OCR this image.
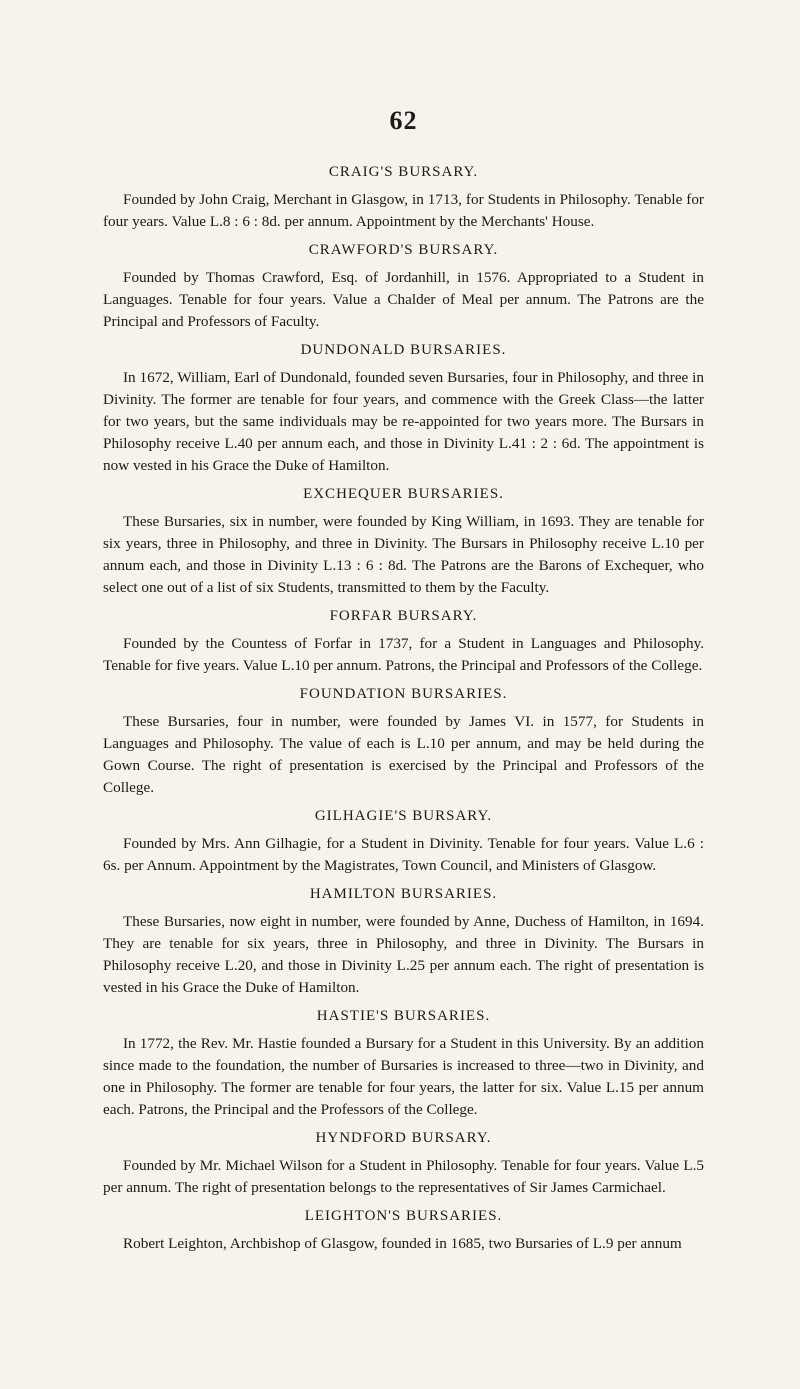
62
CRAIG'S BURSARY.

Founded by John Craig, Merchant in Glasgow, in 1713, for Students in Philosophy. Tenable for four years. Value L.8 : 6 : 8d. per annum. Appointment by the Merchants' House.

CRAWFORD'S BURSARY.

Founded by Thomas Crawford, Esq. of Jordanhill, in 1576. Appropriated to a Student in Languages. Tenable for four years. Value a Chalder of Meal per annum. The Patrons are the Principal and Professors of Faculty.

DUNDONALD BURSARIES.

In 1672, William, Earl of Dundonald, founded seven Bursaries, four in Philosophy, and three in Divinity. The former are tenable for four years, and commence with the Greek Class—the latter for two years, but the same individuals may be re-appointed for two years more. The Bursars in Philosophy receive L.40 per annum each, and those in Divinity L.41 : 2 : 6d. The appointment is now vested in his Grace the Duke of Hamilton.

EXCHEQUER BURSARIES.

These Bursaries, six in number, were founded by King William, in 1693. They are tenable for six years, three in Philosophy, and three in Divinity. The Bursars in Philosophy receive L.10 per annum each, and those in Divinity L.13 : 6 : 8d. The Patrons are the Barons of Exchequer, who select one out of a list of six Students, transmitted to them by the Faculty.

FORFAR BURSARY.

Founded by the Countess of Forfar in 1737, for a Student in Languages and Philosophy. Tenable for five years. Value L.10 per annum. Patrons, the Principal and Professors of the College.

FOUNDATION BURSARIES.

These Bursaries, four in number, were founded by James VI. in 1577, for Students in Languages and Philosophy. The value of each is L.10 per annum, and may be held during the Gown Course. The right of presentation is exercised by the Principal and Professors of the College.

GILHAGIE'S BURSARY.

Founded by Mrs. Ann Gilhagie, for a Student in Divinity. Tenable for four years. Value L.6 : 6s. per Annum. Appointment by the Magistrates, Town Council, and Ministers of Glasgow.

HAMILTON BURSARIES.

These Bursaries, now eight in number, were founded by Anne, Duchess of Hamilton, in 1694. They are tenable for six years, three in Philosophy, and three in Divinity. The Bursars in Philosophy receive L.20, and those in Divinity L.25 per annum each. The right of presentation is vested in his Grace the Duke of Hamilton.

HASTIE'S BURSARIES.

In 1772, the Rev. Mr. Hastie founded a Bursary for a Student in this University. By an addition since made to the foundation, the number of Bursaries is increased to three—two in Divinity, and one in Philosophy. The former are tenable for four years, the latter for six. Value L.15 per annum each. Patrons, the Principal and the Professors of the College.

HYNDFORD BURSARY.

Founded by Mr. Michael Wilson for a Student in Philosophy. Tenable for four years. Value L.5 per annum. The right of presentation belongs to the representatives of Sir James Carmichael.

LEIGHTON'S BURSARIES.

Robert Leighton, Archbishop of Glasgow, founded in 1685, two Bursaries of L.9 per annum
